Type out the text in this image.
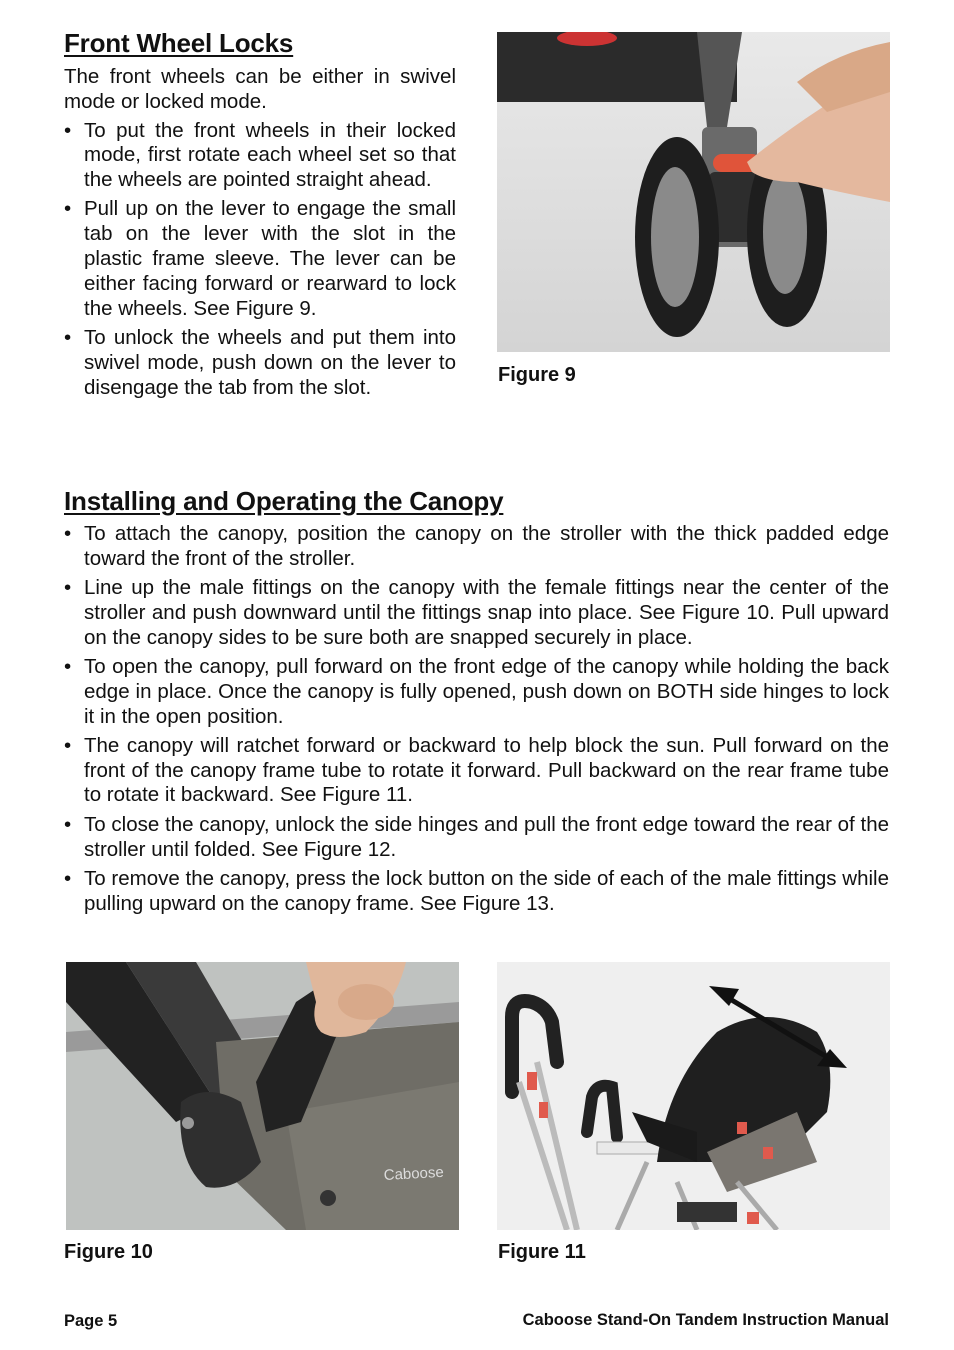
Front Wheel Locks
The front wheels can be either in swivel mode or locked mode.
• To put the front wheels in their locked mode, first rotate each wheel set so that the wheels are pointed straight ahead.
• Pull up on the lever to engage the small tab on the lever with the slot in the plastic frame sleeve. The lever can be either facing forward or rearward to lock the wheels. See Figure 9.
• To unlock the wheels and put them into swivel mode, push down on the lever to disengage the tab from the slot.
Figure 9
Installing and Operating the Canopy
• To attach the canopy, position the canopy on the stroller with the thick padded edge toward the front of the stroller.
• Line up the male fittings on the canopy with the female fittings near the center of the stroller and push downward until the fittings snap into place. See Figure 10. Pull upward on the canopy sides to be sure both are snapped securely in place.
• To open the canopy, pull forward on the front edge of the canopy while holding the back edge in place. Once the canopy is fully opened, push down on BOTH side hinges to lock it in the open position.
• The canopy will ratchet forward or backward to help block the sun. Pull forward on the front of the canopy frame tube to rotate it forward. Pull backward on the rear frame tube to rotate it backward. See Figure 11.
• To close the canopy, unlock the side hinges and pull the front edge toward the rear of the stroller until folded. See Figure 12.
• To remove the canopy, press the lock button on the side of each of the male fittings while pulling upward on the canopy frame. See Figure 13.
Caboose
Figure 10	Figure 11
Page 5	Caboose Stand-On Tandem Instruction Manual
